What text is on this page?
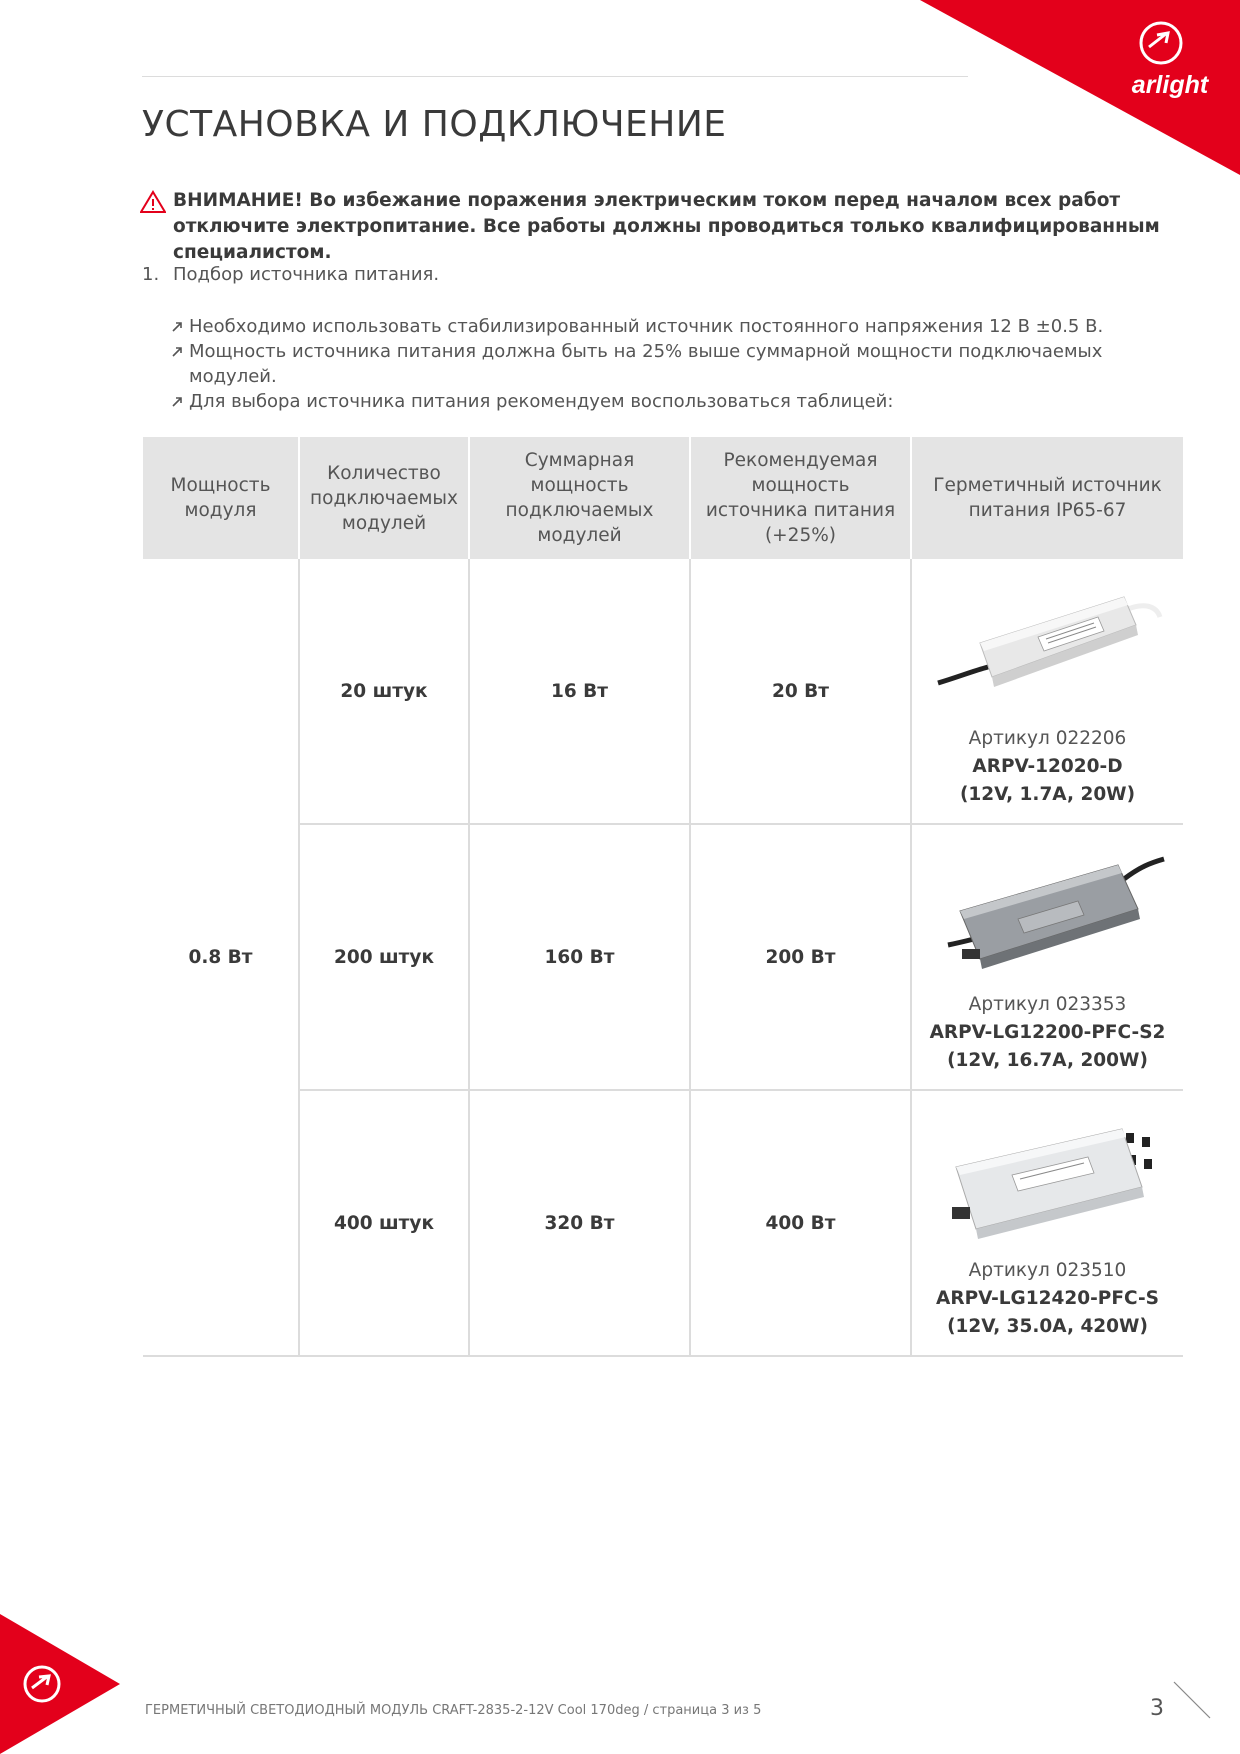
arlight
УСТАНОВКА И ПОДКЛЮЧЕНИЕ
ВНИМАНИЕ! Во избежание поражения электрическим током перед началом всех работ отключите электропитание. Все работы должны проводиться только квалифицированным специалистом.
1. Подбор источника питания.
Необходимо использовать стабилизированный источник постоянного напряжения 12 В ±0.5 В.
Мощность источника питания должна быть на 25% выше суммарной мощности подключаемых модулей.
Для выбора источника питания рекомендуем воспользоваться таблицей:
Мощность модуля	Количество подключаемых модулей	Суммарная мощность подключаемых модулей	Рекомендуемая мощность источника питания (+25%)	Герметичный источник питания IP65-67
0.8 Вт	20 штук	16 Вт	20 Вт	Артикул 022206
ARPV-12020-D
(12V, 1.7A, 20W)

	200 штук	160 Вт	200 Вт	Артикул 023353
ARPV-LG12200-PFC-S2
(12V, 16.7A, 200W)

	400 штук	320 Вт	400 Вт	Артикул 023510
ARPV-LG12420-PFC-S
(12V, 35.0A, 420W)
ГЕРМЕТИЧНЫЙ СВЕТОДИОДНЫЙ МОДУЛЬ CRAFT-2835-2-12V Cool 170deg / страница 3 из 5	3
